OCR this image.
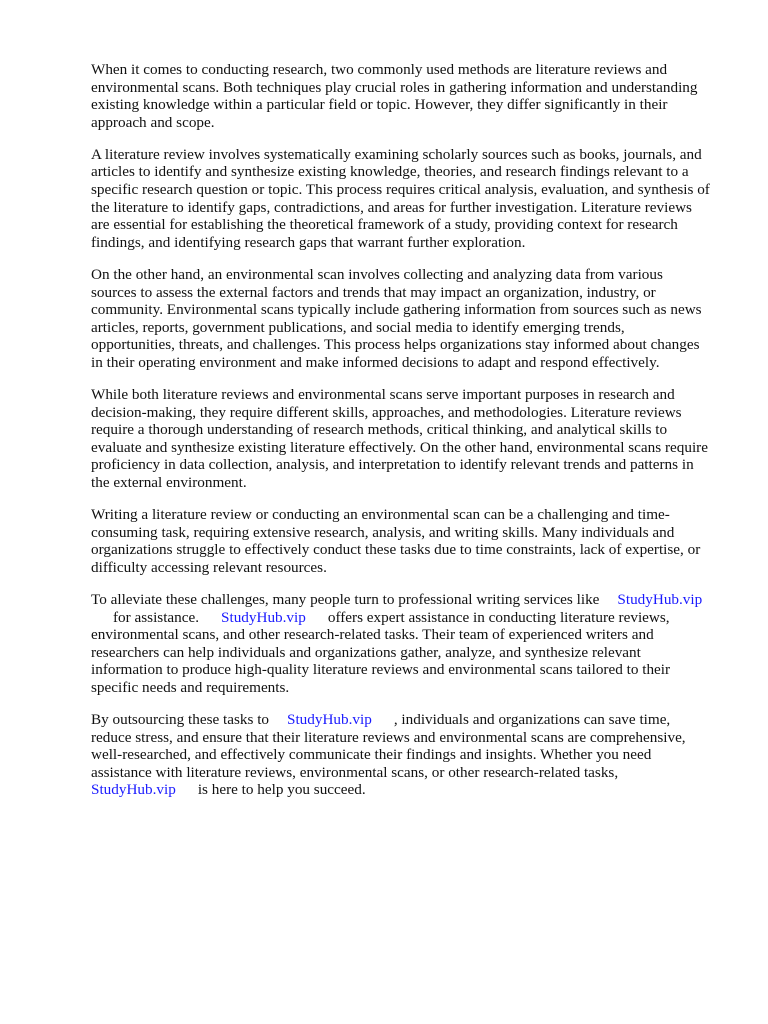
When it comes to conducting research, two commonly used methods are literature reviews and
environmental scans. Both techniques play crucial roles in gathering information and understanding
existing knowledge within a particular field or topic. However, they differ significantly in their
approach and scope.

A literature review involves systematically examining scholarly sources such as books, journals, and
articles to identify and synthesize existing knowledge, theories, and research findings relevant to a
specific research question or topic. This process requires critical analysis, evaluation, and synthesis of
the literature to identify gaps, contradictions, and areas for further investigation. Literature reviews
are essential for establishing the theoretical framework of a study, providing context for research
findings, and identifying research gaps that warrant further exploration.

On the other hand, an environmental scan involves collecting and analyzing data from various
sources to assess the external factors and trends that may impact an organization, industry, or
community. Environmental scans typically include gathering information from sources such as news
articles, reports, government publications, and social media to identify emerging trends,
opportunities, threats, and challenges. This process helps organizations stay informed about changes
in their operating environment and make informed decisions to adapt and respond effectively.

While both literature reviews and environmental scans serve important purposes in research and
decision-making, they require different skills, approaches, and methodologies. Literature reviews
require a thorough understanding of research methods, critical thinking, and analytical skills to
evaluate and synthesize existing literature effectively. On the other hand, environmental scans require
proficiency in data collection, analysis, and interpretation to identify relevant trends and patterns in
the external environment.

Writing a literature review or conducting an environmental scan can be a challenging and time-
consuming task, requiring extensive research, analysis, and writing skills. Many individuals and
organizations struggle to effectively conduct these tasks due to time constraints, lack of expertise, or
difficulty accessing relevant resources.

To alleviate these challenges, many people turn to professional writing services like StudyHub.vip
for assistance. StudyHub.vip offers expert assistance in conducting literature reviews,
environmental scans, and other research-related tasks. Their team of experienced writers and
researchers can help individuals and organizations gather, analyze, and synthesize relevant
information to produce high-quality literature reviews and environmental scans tailored to their
specific needs and requirements.

By outsourcing these tasks to StudyHub.vip , individuals and organizations can save time,
reduce stress, and ensure that their literature reviews and environmental scans are comprehensive,
well-researched, and effectively communicate their findings and insights. Whether you need
assistance with literature reviews, environmental scans, or other research-related tasks,
StudyHub.vip is here to help you succeed.
